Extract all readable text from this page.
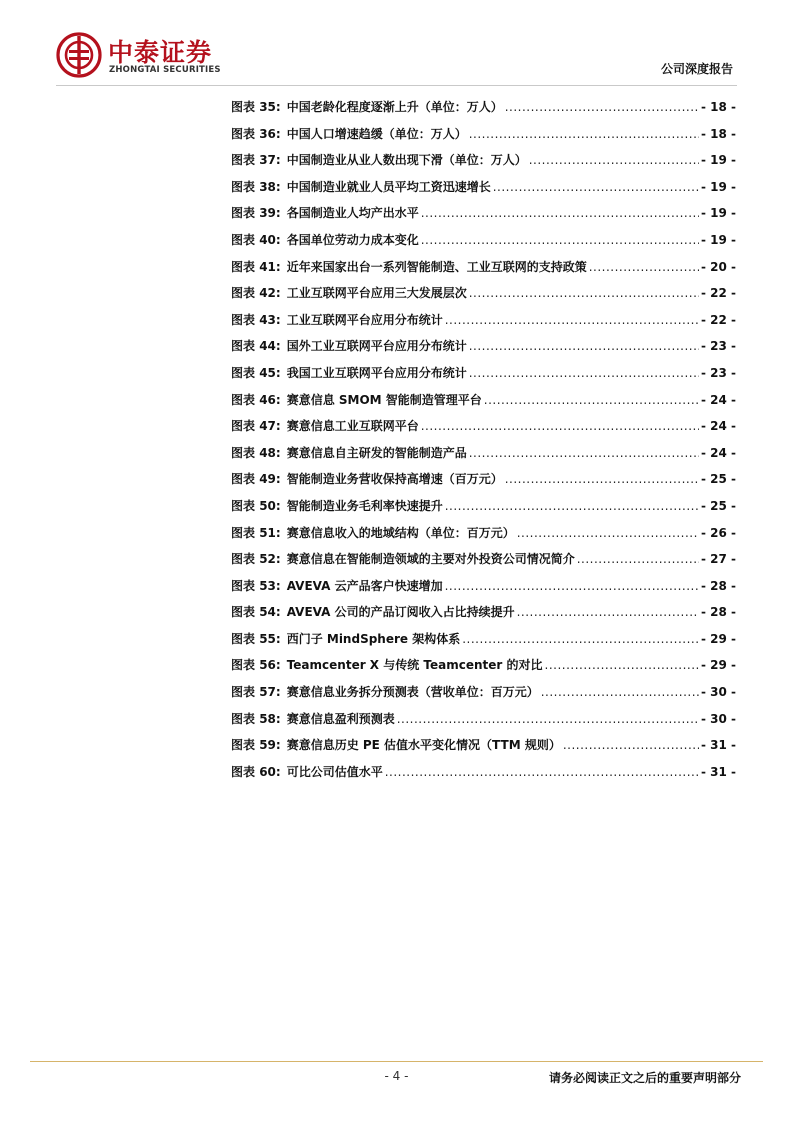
中泰证券
ZHONGTAI SECURITIES	公司深度报告
图表 35: 中国老龄化程度逐渐上升（单位：万人） .....	- 18 -
图表 36: 中国人口增速趋缓（单位：万人） .....	- 18 -
图表 37: 中国制造业从业人数出现下滑（单位：万人） .....	- 19 -
图表 38: 中国制造业就业人员平均工资迅速增长 .....	- 19 -
图表 39: 各国制造业人均产出水平 .....	- 19 -
图表 40: 各国单位劳动力成本变化 .....	- 19 -
图表 41: 近年来国家出台一系列智能制造、工业互联网的支持政策 .....	- 20 -
图表 42: 工业互联网平台应用三大发展层次 .....	- 22 -
图表 43: 工业互联网平台应用分布统计 .....	- 22 -
图表 44: 国外工业互联网平台应用分布统计 .....	- 23 -
图表 45: 我国工业互联网平台应用分布统计 .....	- 23 -
图表 46: 赛意信息 SMOM 智能制造管理平台 .....	- 24 -
图表 47: 赛意信息工业互联网平台 .....	- 24 -
图表 48: 赛意信息自主研发的智能制造产品 .....	- 24 -
图表 49: 智能制造业务营收保持高增速（百万元） .....	- 25 -
图表 50: 智能制造业务毛利率快速提升 .....	- 25 -
图表 51: 赛意信息收入的地域结构（单位：百万元） .....	- 26 -
图表 52: 赛意信息在智能制造领域的主要对外投资公司情况简介 .....	- 27 -
图表 53: AVEVA 云产品客户快速增加 .....	- 28 -
图表 54: AVEVA 公司的产品订阅收入占比持续提升 .....	- 28 -
图表 55: 西门子 MindSphere 架构体系 .....	- 29 -
图表 56: Teamcenter X 与传统 Teamcenter 的对比 .....	- 29 -
图表 57: 赛意信息业务拆分预测表（营收单位：百万元） .....	- 30 -
图表 58: 赛意信息盈利预测表 .....	- 30 -
图表 59: 赛意信息历史 PE 估值水平变化情况（TTM 规则） .....	- 31 -
图表 60: 可比公司估值水平 .....	- 31 -
- 4 -	请务必阅读正文之后的重要声明部分
